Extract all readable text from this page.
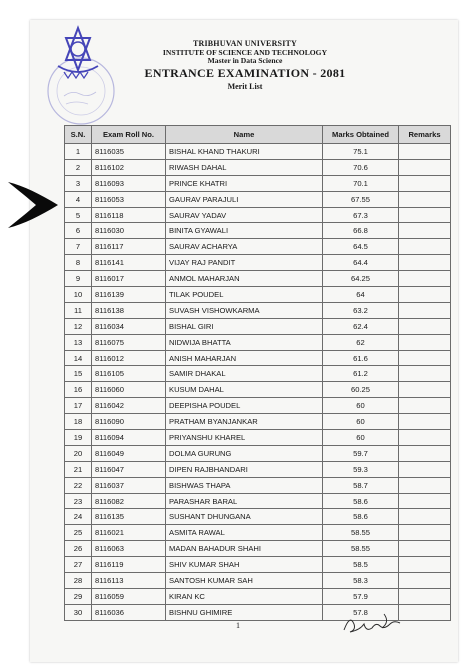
TRIBHUVAN UNIVERSITY
INSTITUTE OF SCIENCE AND TECHNOLOGY
Master in Data Science
ENTRANCE EXAMINATION - 2081
Merit List
S.N.	Exam Roll No.	Name	Marks Obtained	Remarks
1	8116035	BISHAL KHAND THAKURI	75.1	
2	8116102	RIWASH DAHAL	70.6	
3	8116093	PRINCE KHATRI	70.1	
4	8116053	GAURAV PARAJULI	67.55	
5	8116118	SAURAV YADAV	67.3	
6	8116030	BINITA GYAWALI	66.8	
7	8116117	SAURAV ACHARYA	64.5	
8	8116141	VIJAY RAJ PANDIT	64.4	
9	8116017	ANMOL MAHARJAN	64.25	
10	8116139	TILAK POUDEL	64	
11	8116138	SUVASH VISHOWKARMA	63.2	
12	8116034	BISHAL GIRI	62.4	
13	8116075	NIDWIJA BHATTA	62	
14	8116012	ANISH MAHARJAN	61.6	
15	8116105	SAMIR DHAKAL	61.2	
16	8116060	KUSUM DAHAL	60.25	
17	8116042	DEEPISHA POUDEL	60	
18	8116090	PRATHAM BYANJANKAR	60	
19	8116094	PRIYANSHU KHAREL	60	
20	8116049	DOLMA GURUNG	59.7	
21	8116047	DIPEN RAJBHANDARI	59.3	
22	8116037	BISHWAS THAPA	58.7	
23	8116082	PARASHAR BARAL	58.6	
24	8116135	SUSHANT DHUNGANA	58.6	
25	8116021	ASMITA RAWAL	58.55	
26	8116063	MADAN BAHADUR SHAHI	58.55	
27	8116119	SHIV KUMAR SHAH	58.5	
28	8116113	SANTOSH KUMAR SAH	58.3	
29	8116059	KIRAN KC	57.9	
30	8116036	BISHNU GHIMIRE	57.8	
1
